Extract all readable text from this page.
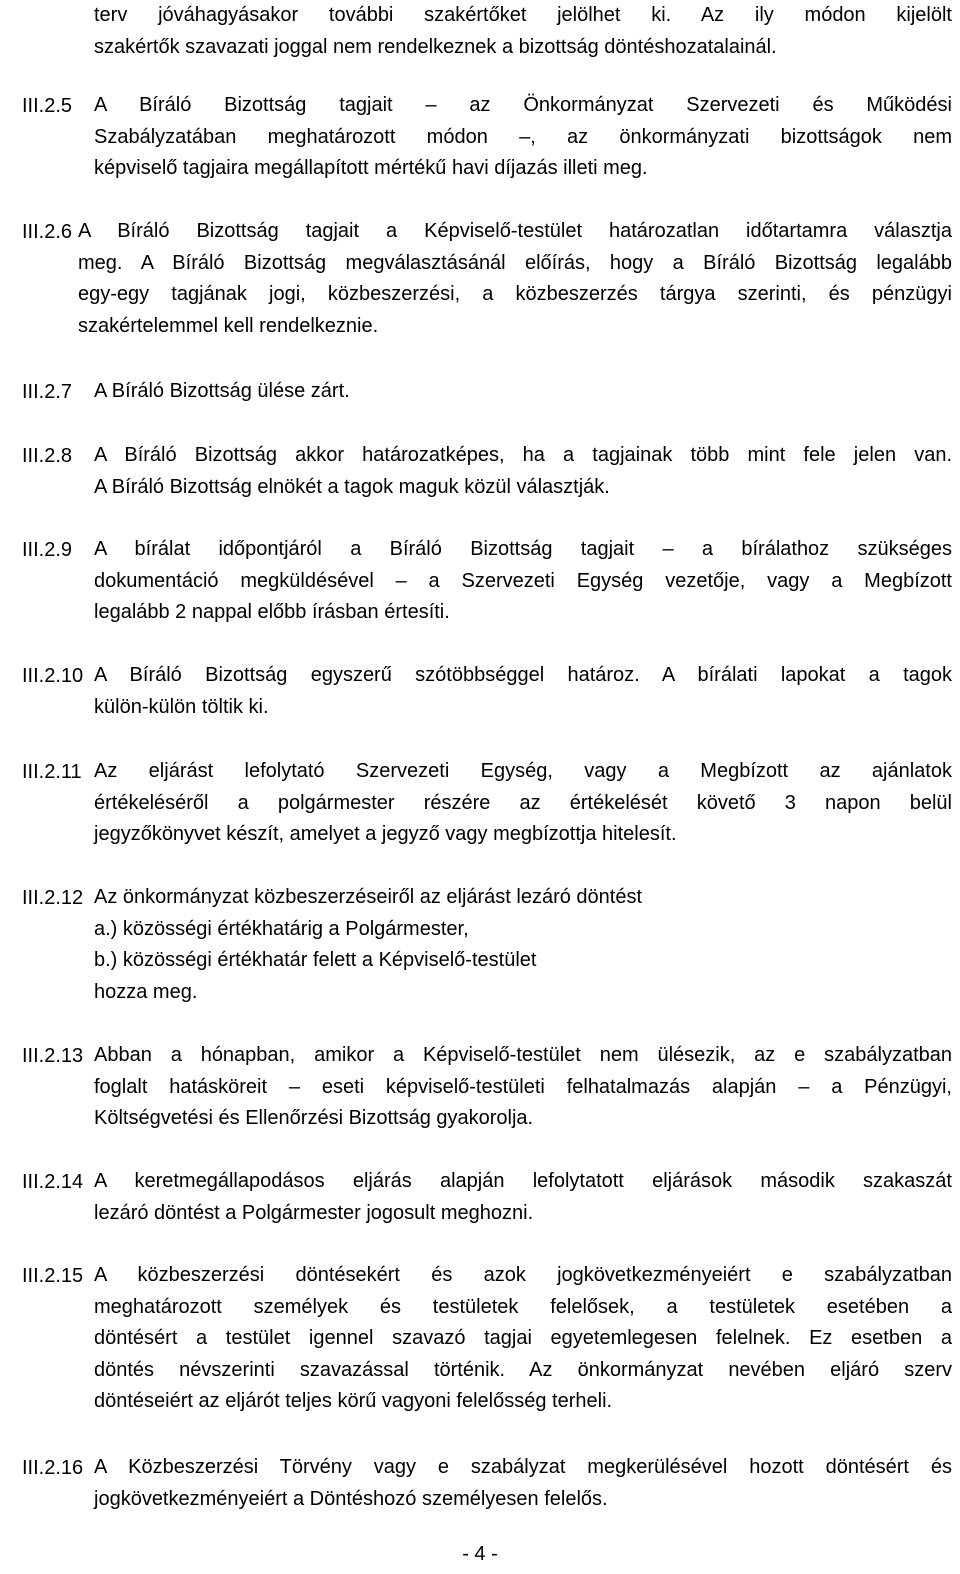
terv jóváhagyásakor további szakértőket jelölhet ki. Az ily módon kijelölt
szakértők szavazati joggal nem rendelkeznek a bizottság döntéshozatalainál.
III.2.5 A Bíráló Bizottság tagjait – az Önkormányzat Szervezeti és Működési
Szabályzatában meghatározott módon –, az önkormányzati bizottságok nem
képviselő tagjaira megállapított mértékű havi díjazás illeti meg.
III.2.6 A Bíráló Bizottság tagjait a Képviselő-testület határozatlan időtartamra választja
meg. A Bíráló Bizottság megválasztásánál előírás, hogy a Bíráló Bizottság legalább
egy-egy tagjának jogi, közbeszerzési, a közbeszerzés tárgya szerinti, és pénzügyi
szakértelemmel kell rendelkeznie.
III.2.7 A Bíráló Bizottság ülése zárt.
III.2.8 A Bíráló Bizottság akkor határozatképes, ha a tagjainak több mint fele jelen van.
A Bíráló Bizottság elnökét a tagok maguk közül választják.
III.2.9 A bírálat időpontjáról a Bíráló Bizottság tagjait – a bírálathoz szükséges
dokumentáció megküldésével – a Szervezeti Egység vezetője, vagy a Megbízott
legalább 2 nappal előbb írásban értesíti.
III.2.10 A Bíráló Bizottság egyszerű szótöbbséggel határoz. A bírálati lapokat a tagok
külön-külön töltik ki.
III.2.11 Az eljárást lefolytató Szervezeti Egység, vagy a Megbízott az ajánlatok
értékeléséről a polgármester részére az értékelését követő 3 napon belül
jegyzőkönyvet készít, amelyet a jegyző vagy megbízottja hitelesít.
III.2.12 Az önkormányzat közbeszerzéseiről az eljárást lezáró döntést
a.) közösségi értékhatárig a Polgármester,
b.) közösségi értékhatár felett a Képviselő-testület
hozza meg.
III.2.13 Abban a hónapban, amikor a Képviselő-testület nem ülésezik, az e szabályzatban
foglalt hatásköreit – eseti képviselő-testületi felhatalmazás alapján – a Pénzügyi,
Költségvetési és Ellenőrzési Bizottság gyakorolja.
III.2.14 A keretmegállapodásos eljárás alapján lefolytatott eljárások második szakaszát
lezáró döntést a Polgármester jogosult meghozni.
III.2.15 A közbeszerzési döntésekért és azok jogkövetkezményeiért e szabályzatban
meghatározott személyek és testületek felelősek, a testületek esetében a
döntésért a testület igennel szavazó tagjai egyetemlegesen felelnek. Ez esetben a
döntés névszerinti szavazással történik. Az önkormányzat nevében eljáró szerv
döntéseiért az eljárót teljes körű vagyoni felelősség terheli.
III.2.16 A Közbeszerzési Törvény vagy e szabályzat megkerülésével hozott döntésért és
jogkövetkezményeiért a Döntéshozó személyesen felelős.
- 4 -
